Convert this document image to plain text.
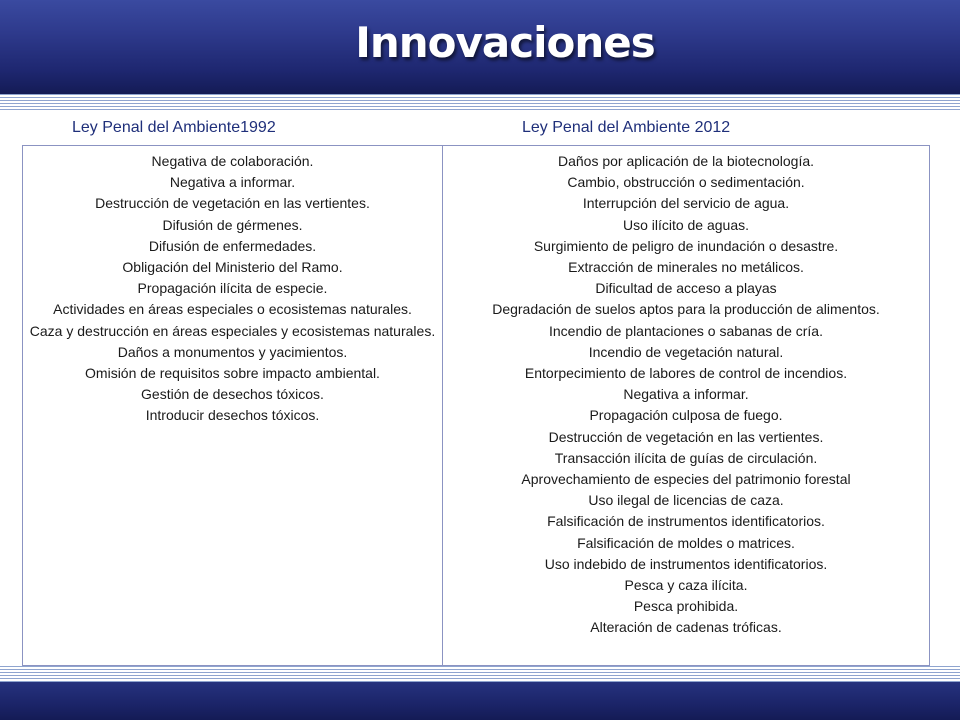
Innovaciones
Ley Penal del Ambiente1992	Ley Penal del Ambiente 2012
Negativa de colaboración.
Negativa a informar.
Destrucción de vegetación en las vertientes.
Difusión de gérmenes.
Difusión de enfermedades.
Obligación del Ministerio del Ramo.
Propagación ilícita de especie.
Actividades en áreas especiales o ecosistemas naturales.
Caza y destrucción en áreas especiales y ecosistemas naturales.
Daños a monumentos y yacimientos.
Omisión de requisitos sobre impacto ambiental.
Gestión de desechos tóxicos.
Introducir desechos tóxicos.
Daños por aplicación de la biotecnología.
Cambio, obstrucción o sedimentación.
Interrupción del servicio de agua.
Uso ilícito de aguas.
Surgimiento de peligro de inundación o desastre.
Extracción de minerales no metálicos.
Dificultad de acceso a playas
Degradación de suelos aptos para la producción de alimentos.
Incendio de plantaciones o sabanas de cría.
Incendio de vegetación natural.
Entorpecimiento de labores de control de incendios.
Negativa a informar.
Propagación culposa de fuego.
Destrucción de vegetación en las vertientes.
Transacción ilícita de guías de circulación.
Aprovechamiento de especies del patrimonio forestal
Uso ilegal de licencias de caza.
Falsificación de instrumentos identificatorios.
Falsificación de moldes o matrices.
Uso indebido de instrumentos identificatorios.
Pesca y caza ilícita.
Pesca prohibida.
Alteración de cadenas tróficas.
